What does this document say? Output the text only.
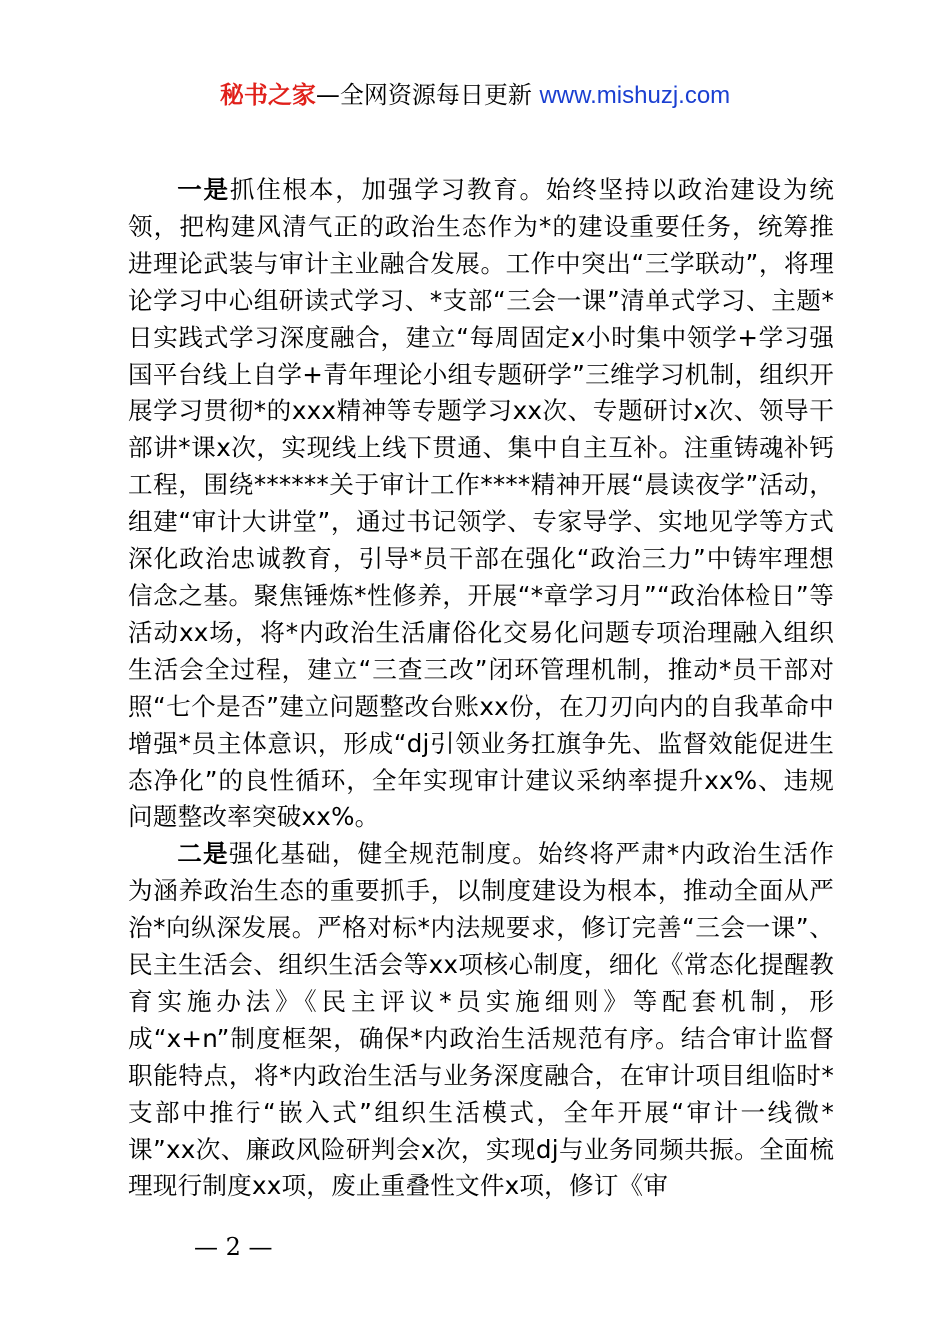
秘书之家—全网资源每日更新 www.mishuzj.com

一是抓住根本，加强学习教育。始终坚持以政治建设为统领，把构建风清气正的政治生态作为*的建设重要任务，统筹推进理论武装与审计主业融合发展。工作中突出“三学联动”，将理论学习中心组研读式学习、*支部“三会一课”清单式学习、主题*日实践式学习深度融合，建立“每周固定x小时集中领学+学习强国平台线上自学+青年理论小组专题研学”三维学习机制，组织开展学习贯彻*的xxx精神等专题学习xx次、专题研讨x次、领导干部讲*课x次，实现线上线下贯通、集中自主互补。注重铸魂补钙工程，围绕******关于审计工作****精神开展“晨读夜学”活动，组建“审计大讲堂”，通过书记领学、专家导学、实地见学等方式深化政治忠诚教育，引导*员干部在强化“政治三力”中铸牢理想信念之基。聚焦锤炼*性修养，开展“*章学习月”“政治体检日”等活动xx场，将*内政治生活庸俗化交易化问题专项治理融入组织生活会全过程，建立“三查三改”闭环管理机制，推动*员干部对照“七个是否”建立问题整改台账xx份，在刀刃向内的自我革命中增强*员主体意识，形成“dj引领业务扛旗争先、监督效能促进生态净化”的良性循环，全年实现审计建议采纳率提升xx%、违规问题整改率突破xx%。

二是强化基础，健全规范制度。始终将严肃*内政治生活作为涵养政治生态的重要抓手，以制度建设为根本，推动全面从严治*向纵深发展。严格对标*内法规要求，修订完善“三会一课”、民主生活会、组织生活会等xx项核心制度，细化《常态化提醒教育实施办法》《民主评议*员实施细则》等配套机制，形成“x+n”制度框架，确保*内政治生活规范有序。结合审计监督职能特点，将*内政治生活与业务深度融合，在审计项目组临时*支部中推行“嵌入式”组织生活模式，全年开展“审计一线微*课”xx次、廉政风险研判会x次，实现dj与业务同频共振。全面梳理现行制度xx项，废止重叠性文件x项，修订《审

— 2 —
